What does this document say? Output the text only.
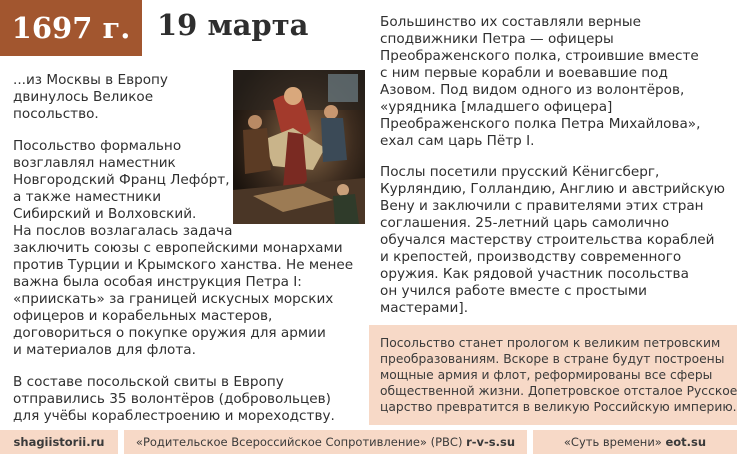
1697 г. 19 марта

...из Москвы в Европу

двинулось Великое

посольство.

Посольство формально

возглавлял наместник

Новгородский Франц Лефóрт,

а также наместники

Сибирский и Волховский.

На послов возлагалась задача

заключить союзы с европейскими монархами

против Турции и Крымского ханства. Не менее

важна была особая инструкция Петра I:

«приискать» за границей искусных морских

офицеров и корабельных мастеров,

договориться о покупке оружия для армии

и материалов для флота.

В составе посольской свиты в Европу

отправились 35 волонтёров (добровольцев)

для учёбы кораблестроению и мореходству.

Большинство их составляли верные

сподвижники Петра — офицеры

Преображенского полка, строившие вместе

с ним первые корабли и воевавшие под

Азовом. Под видом одного из волонтёров,

«урядника [младшего офицера]

Преображенского полка Петра Михайлова»,

ехал сам царь Пётр I.

Послы посетили прусский Кёнигсберг,

Курляндию, Голландию, Англию и австрийскую

Вену и заключили с правителями этих стран

соглашения. 25-летний царь самолично

обучался мастерству строительства кораблей

и крепостей, производству современного

оружия. Как рядовой участник посольства

он учился работе вместе с простыми

мастерами].

Посольство станет прологом к великим петровским

преобразованиям. Вскоре в стране будут построены

мощные армия и флот, реформированы все сферы

общественной жизни. Допетровское отсталое Русское

царство превратится в великую Российскую империю.

shagiistorii.ru	«Родительское Всероссийское Сопротивление» (РВС) r-v-s.su	«Суть времени» eot.su
